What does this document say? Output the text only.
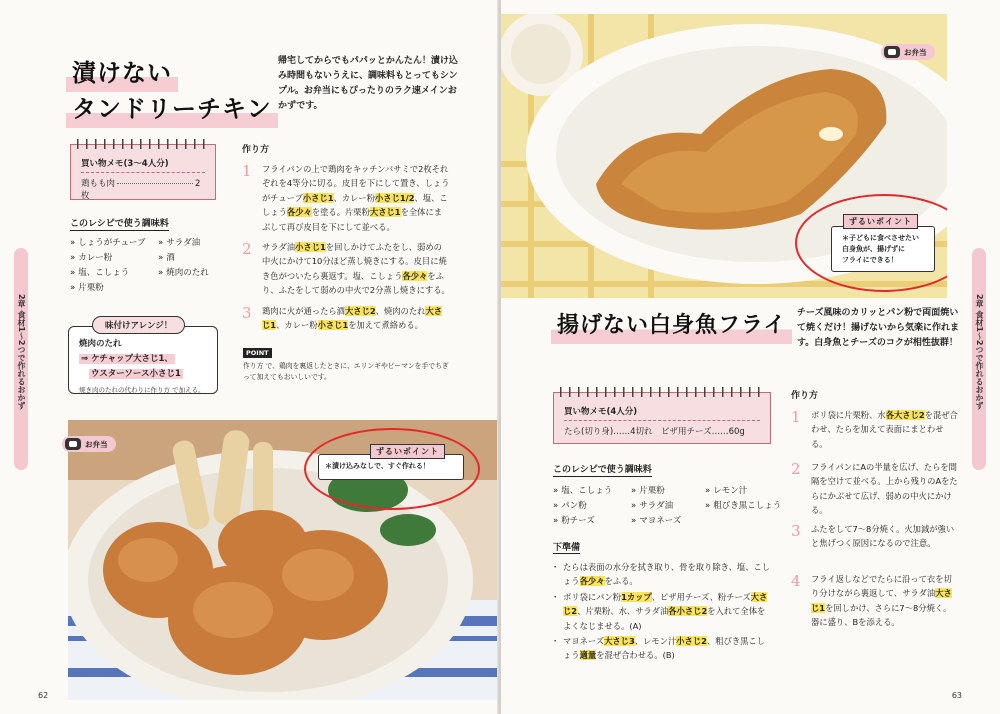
2章 食材1〜2つで作れるおかず
漬けない
タンドリーチキン
帰宅してからでもパパッとかんたん！漬け込み時間もないうえに、調味料もとってもシンプル。お弁当にもぴったりのラク速メインおかずです。
買い物メモ(3〜4人分)
鶏もも肉	2枚
このレシピで使う調味料
» しょうがチューブ	» サラダ油
» カレー粉	» 酒
» 塩、こしょう	» 焼肉のたれ
» 片栗粉
焼肉のたれ
⇒ ケチャップ大さじ1、
ウスターソース小さじ1
焼き肉のたれの代わりに作り方 で加える。
味付けアレンジ！
作り方
1	フライパンの上で鶏肉をキッチンバサミで2枚それぞれを4等分に切る。皮目を下にして置き、しょうがチューブ小さじ1、カレー粉小さじ1/2、塩、こしょう各少々を塗る。片栗粉大さじ1を全体にまぶして再び皮目を下にして並べる。
2	サラダ油小さじ1を回しかけてふたをし、弱めの中火にかけて10分ほど蒸し焼きにする。皮目に焼き色がついたら裏返す。塩、こしょう各少々をふり、ふたをして弱めの中火で2分蒸し焼きにする。
3	鶏肉に火が通ったら酒大さじ2、焼肉のたれ大さじ1、カレー粉小さじ1を加えて煮絡める。
POINT
作り方 で、鶏肉を裏返したときに、エリンギやピーマンを手でちぎって加えてもおいしいです。
＊漬け込みなしで、すぐ作れる！
ずるいポイント
お弁当
62
2章 食材1〜2つで作れるおかず
＊子どもに食べさせたい
白身魚が、揚げずに
フライにできる！
ずるいポイント
お弁当
揚げない白身魚フライ	チーズ風味のカリッとパン粉で両面焼いて焼くだけ！揚げないから気楽に作れます。白身魚とチーズのコクが相性抜群！
買い物メモ(4人分)
たら(切り身)……4切れ　ピザ用チーズ……60g
このレシピで使う調味料
» 塩、こしょう	» 片栗粉	» レモン汁
» パン粉	» サラダ油	» 粗びき黒こしょう
» 粉チーズ	» マヨネーズ
下準備
・ たらは表面の水分を拭き取り、骨を取り除き、塩、こしょう各少々をふる。
・ ポリ袋にパン粉1カップ、ピザ用チーズ、粉チーズ大さじ2、片栗粉、水、サラダ油各小さじ2を入れて全体をよくなじませる。(A)
・ マヨネーズ大さじ3、レモン汁小さじ2、粗びき黒こしょう適量を混ぜ合わせる。(B)
作り方
1	ポリ袋に片栗粉、水各大さじ2を混ぜ合わせ、たらを加えて表面にまとわせる。
2	フライパンにAの半量を広げ、たらを間隔を空けて並べる。上から残りのAをたらにかぶせて広げ、弱めの中火にかける。
3	ふたをして7〜8分焼く。火加減が強いと焦げつく原因になるので注意。
4	フライ返しなどでたらに沿って衣を切り分けながら裏返して、サラダ油大さじ1を回しかけ、さらに7〜8分焼く。器に盛り、Bを添える。
63
